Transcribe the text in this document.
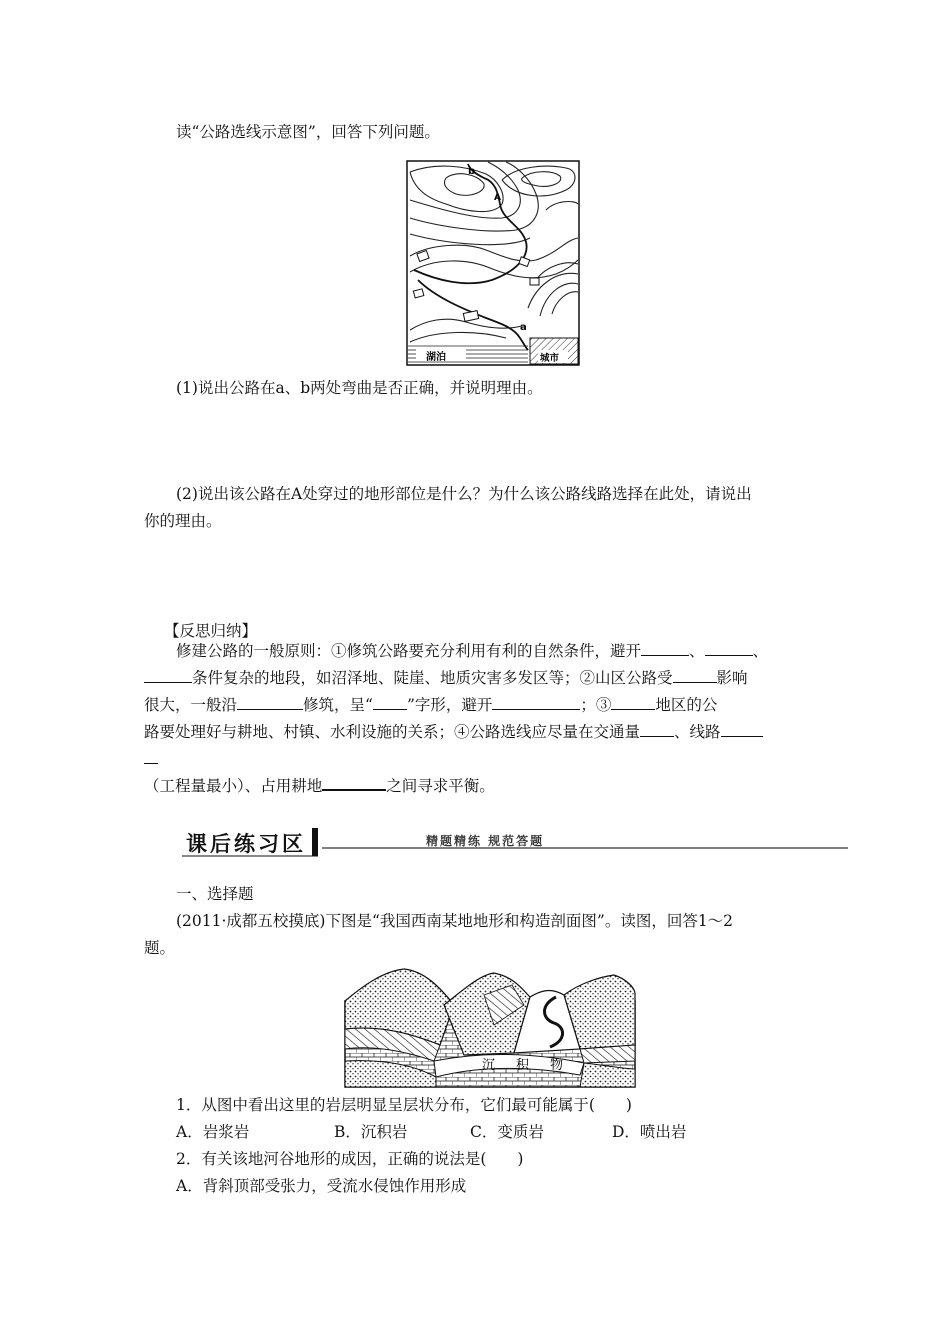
读“公路选线示意图”，回答下列问题。
b
A
a
湖泊	城市
(1)说出公路在a、b两处弯曲是否正确，并说明理由。
(2)说出该公路在A处穿过的地形部位是什么？为什么该公路线路选择在此处，请说出
你的理由。
【反思归纳】
修建公路的一般原则：①修筑公路要充分利用有利的自然条件，避开	、	、
条件复杂的地段，如沼泽地、陡崖、地质灾害多发区等；②山区公路受	影响
很大，一般沿	修筑，呈“ ”字形，避开	；③	地区的公
路要处理好与耕地、村镇、水利设施的关系；④公路选线应尽量在交通量 、线路
（工程量最小）、占用耕地	之间寻求平衡。
课后练习区	精题精练 规范答题
一、选择题
(2011·成都五校摸底)下图是“我国西南某地地形和构造剖面图”。读图，回答1～2
题。
沉 积 物
1．从图中看出这里的岩层明显呈层状分布，它们最可能属于(　　)
A．岩浆岩	B．沉积岩	C．变质岩	D．喷出岩
2．有关该地河谷地形的成因，正确的说法是(　　)
A．背斜顶部受张力，受流水侵蚀作用形成
